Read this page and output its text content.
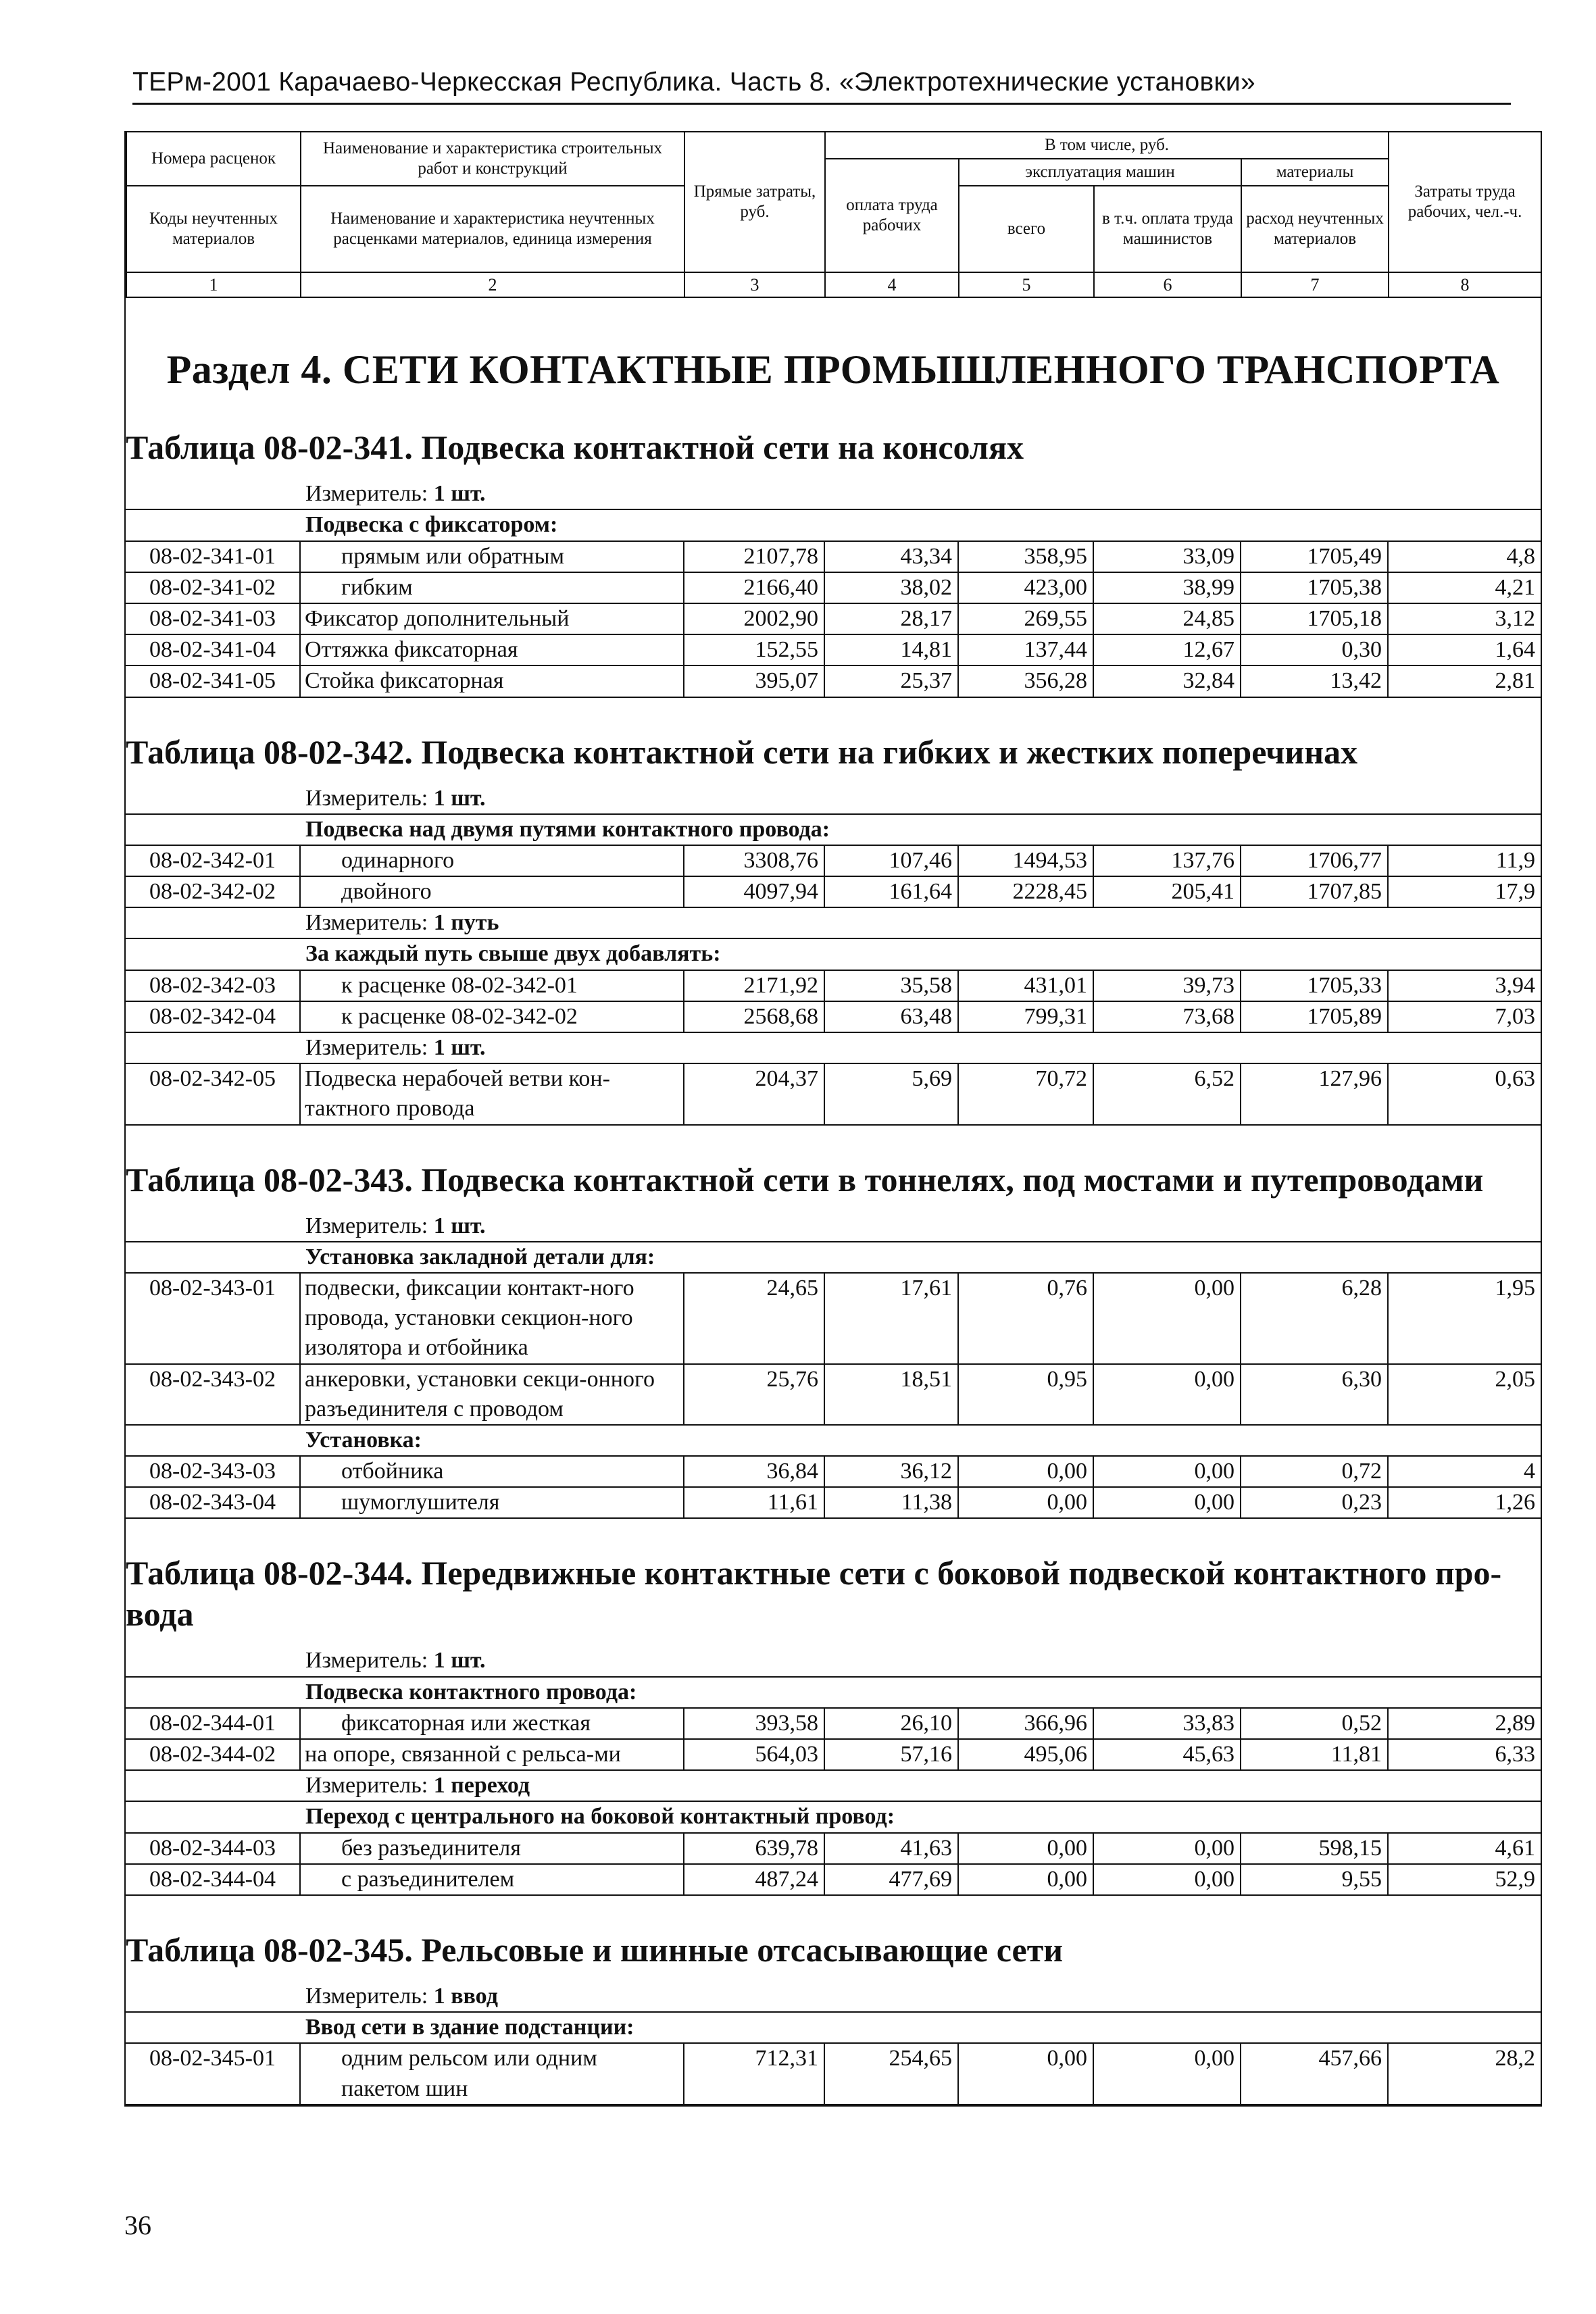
ТЕРм-2001 Карачаево-Черкесская Республика. Часть 8. «Электротехнические установки»
Номера расценок	Наименование и характеристика строительных работ и конструкций	Прямые затраты, руб.	В том числе, руб.				Затраты труда рабочих, чел.-ч.
			оплата труда рабочих	эксплуатация машин		материалы	
Коды неучтенных материалов	Наименование и характеристика неучтенных расценками материалов, единица измерения			всего	в т.ч. оплата труда машинистов	расход неучтенных материалов	

1	2	3	4	5	6	7	8
Раздел 4. СЕТИ КОНТАКТНЫЕ ПРОМЫШЛЕННОГО ТРАНСПОРТА
Таблица 08-02-341. Подвеска контактной сети на консолях
	Измеритель: 1 шт.						
	Подвеска с фиксатором:						
08-02-341-01	прямым или обратным	2107,78	43,34	358,95	33,09	1705,49	4,8
08-02-341-02	гибким	2166,40	38,02	423,00	38,99	1705,38	4,21
08-02-341-03	Фиксатор дополнительный	2002,90	28,17	269,55	24,85	1705,18	3,12
08-02-341-04	Оттяжка фиксаторная	152,55	14,81	137,44	12,67	0,30	1,64
08-02-341-05	Стойка фиксаторная	395,07	25,37	356,28	32,84	13,42	2,81
Таблица 08-02-342. Подвеска контактной сети на гибких и жестких поперечинах
	Измеритель: 1 шт.						
	Подвеска над двумя путями контактного провода:						
08-02-342-01	одинарного	3308,76	107,46	1494,53	137,76	1706,77	11,9
08-02-342-02	двойного	4097,94	161,64	2228,45	205,41	1707,85	17,9
	Измеритель: 1 путь						
	За каждый путь свыше двух добавлять:						
08-02-342-03	к расценке 08-02-342-01	2171,92	35,58	431,01	39,73	1705,33	3,94
08-02-342-04	к расценке 08-02-342-02	2568,68	63,48	799,31	73,68	1705,89	7,03
	Измеритель: 1 шт.						
08-02-342-05	Подвеска нерабочей ветви кон-тактного провода	204,37	5,69	70,72	6,52	127,96	0,63
Таблица 08-02-343. Подвеска контактной сети в тоннелях, под мостами и путепроводами
	Измеритель: 1 шт.						
	Установка закладной детали для:						
08-02-343-01	подвески, фиксации контакт-ного провода, установки секцион-ного изолятора и отбойника	24,65	17,61	0,76	0,00	6,28	1,95
08-02-343-02	анкеровки, установки секци-онного разъединителя с проводом	25,76	18,51	0,95	0,00	6,30	2,05
	Установка:						
08-02-343-03	отбойника	36,84	36,12	0,00	0,00	0,72	4
08-02-343-04	шумоглушителя	11,61	11,38	0,00	0,00	0,23	1,26
Таблица 08-02-344. Передвижные контактные сети с боковой подвеской контактного про-вода
	Измеритель: 1 шт.						
	Подвеска контактного провода:						
08-02-344-01	фиксаторная или жесткая	393,58	26,10	366,96	33,83	0,52	2,89
08-02-344-02	на опоре, связанной с рельса-ми	564,03	57,16	495,06	45,63	11,81	6,33
	Измеритель: 1 переход						
	Переход с центрального на боковой контактный провод:						
08-02-344-03	без разъединителя	639,78	41,63	0,00	0,00	598,15	4,61
08-02-344-04	с разъединителем	487,24	477,69	0,00	0,00	9,55	52,9
Таблица 08-02-345. Рельсовые и шинные отсасывающие сети
	Измеритель: 1 ввод						
	Ввод сети в здание подстанции:						
08-02-345-01	одним рельсом или одним пакетом шин	712,31	254,65	0,00	0,00	457,66	28,2
36
